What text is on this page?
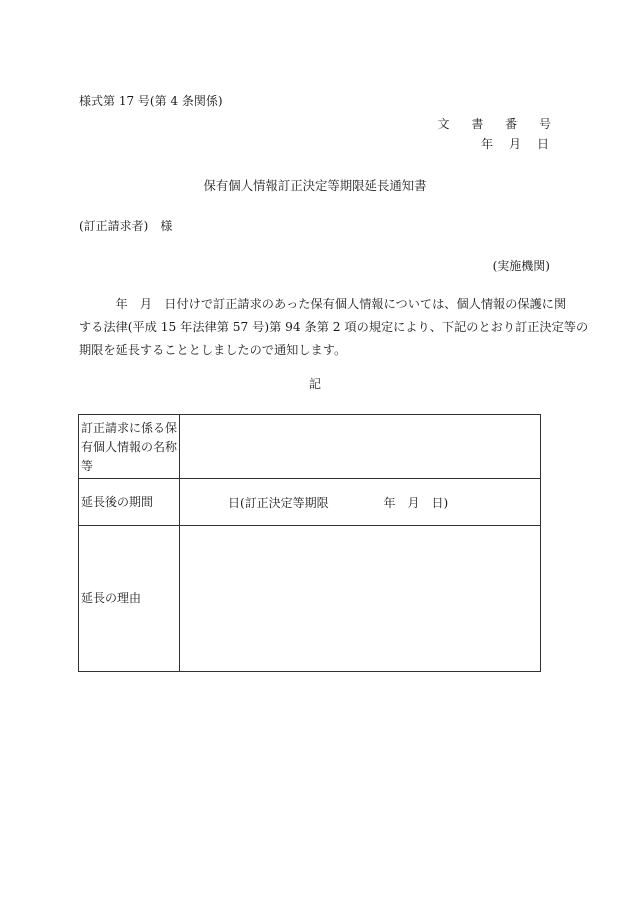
様式第 17 号(第 4 条関係)
文 書 番 号
年　月　日
保有個人情報訂正決定等期限延長通知書
(訂正請求者)　様
(実施機関)
　　　年　月　日付けで訂正請求のあった保有個人情報については、個人情報の保護に関
する法律(平成 15 年法律第 57 号)第 94 条第 2 項の規定により、下記のとおり訂正決定等の
期限を延長することとしましたので通知します。
記
訂正請求に係る保有個人情報の名称等	
延長後の期間	日(訂正決定等期限 年　月　日)
延長の理由	
